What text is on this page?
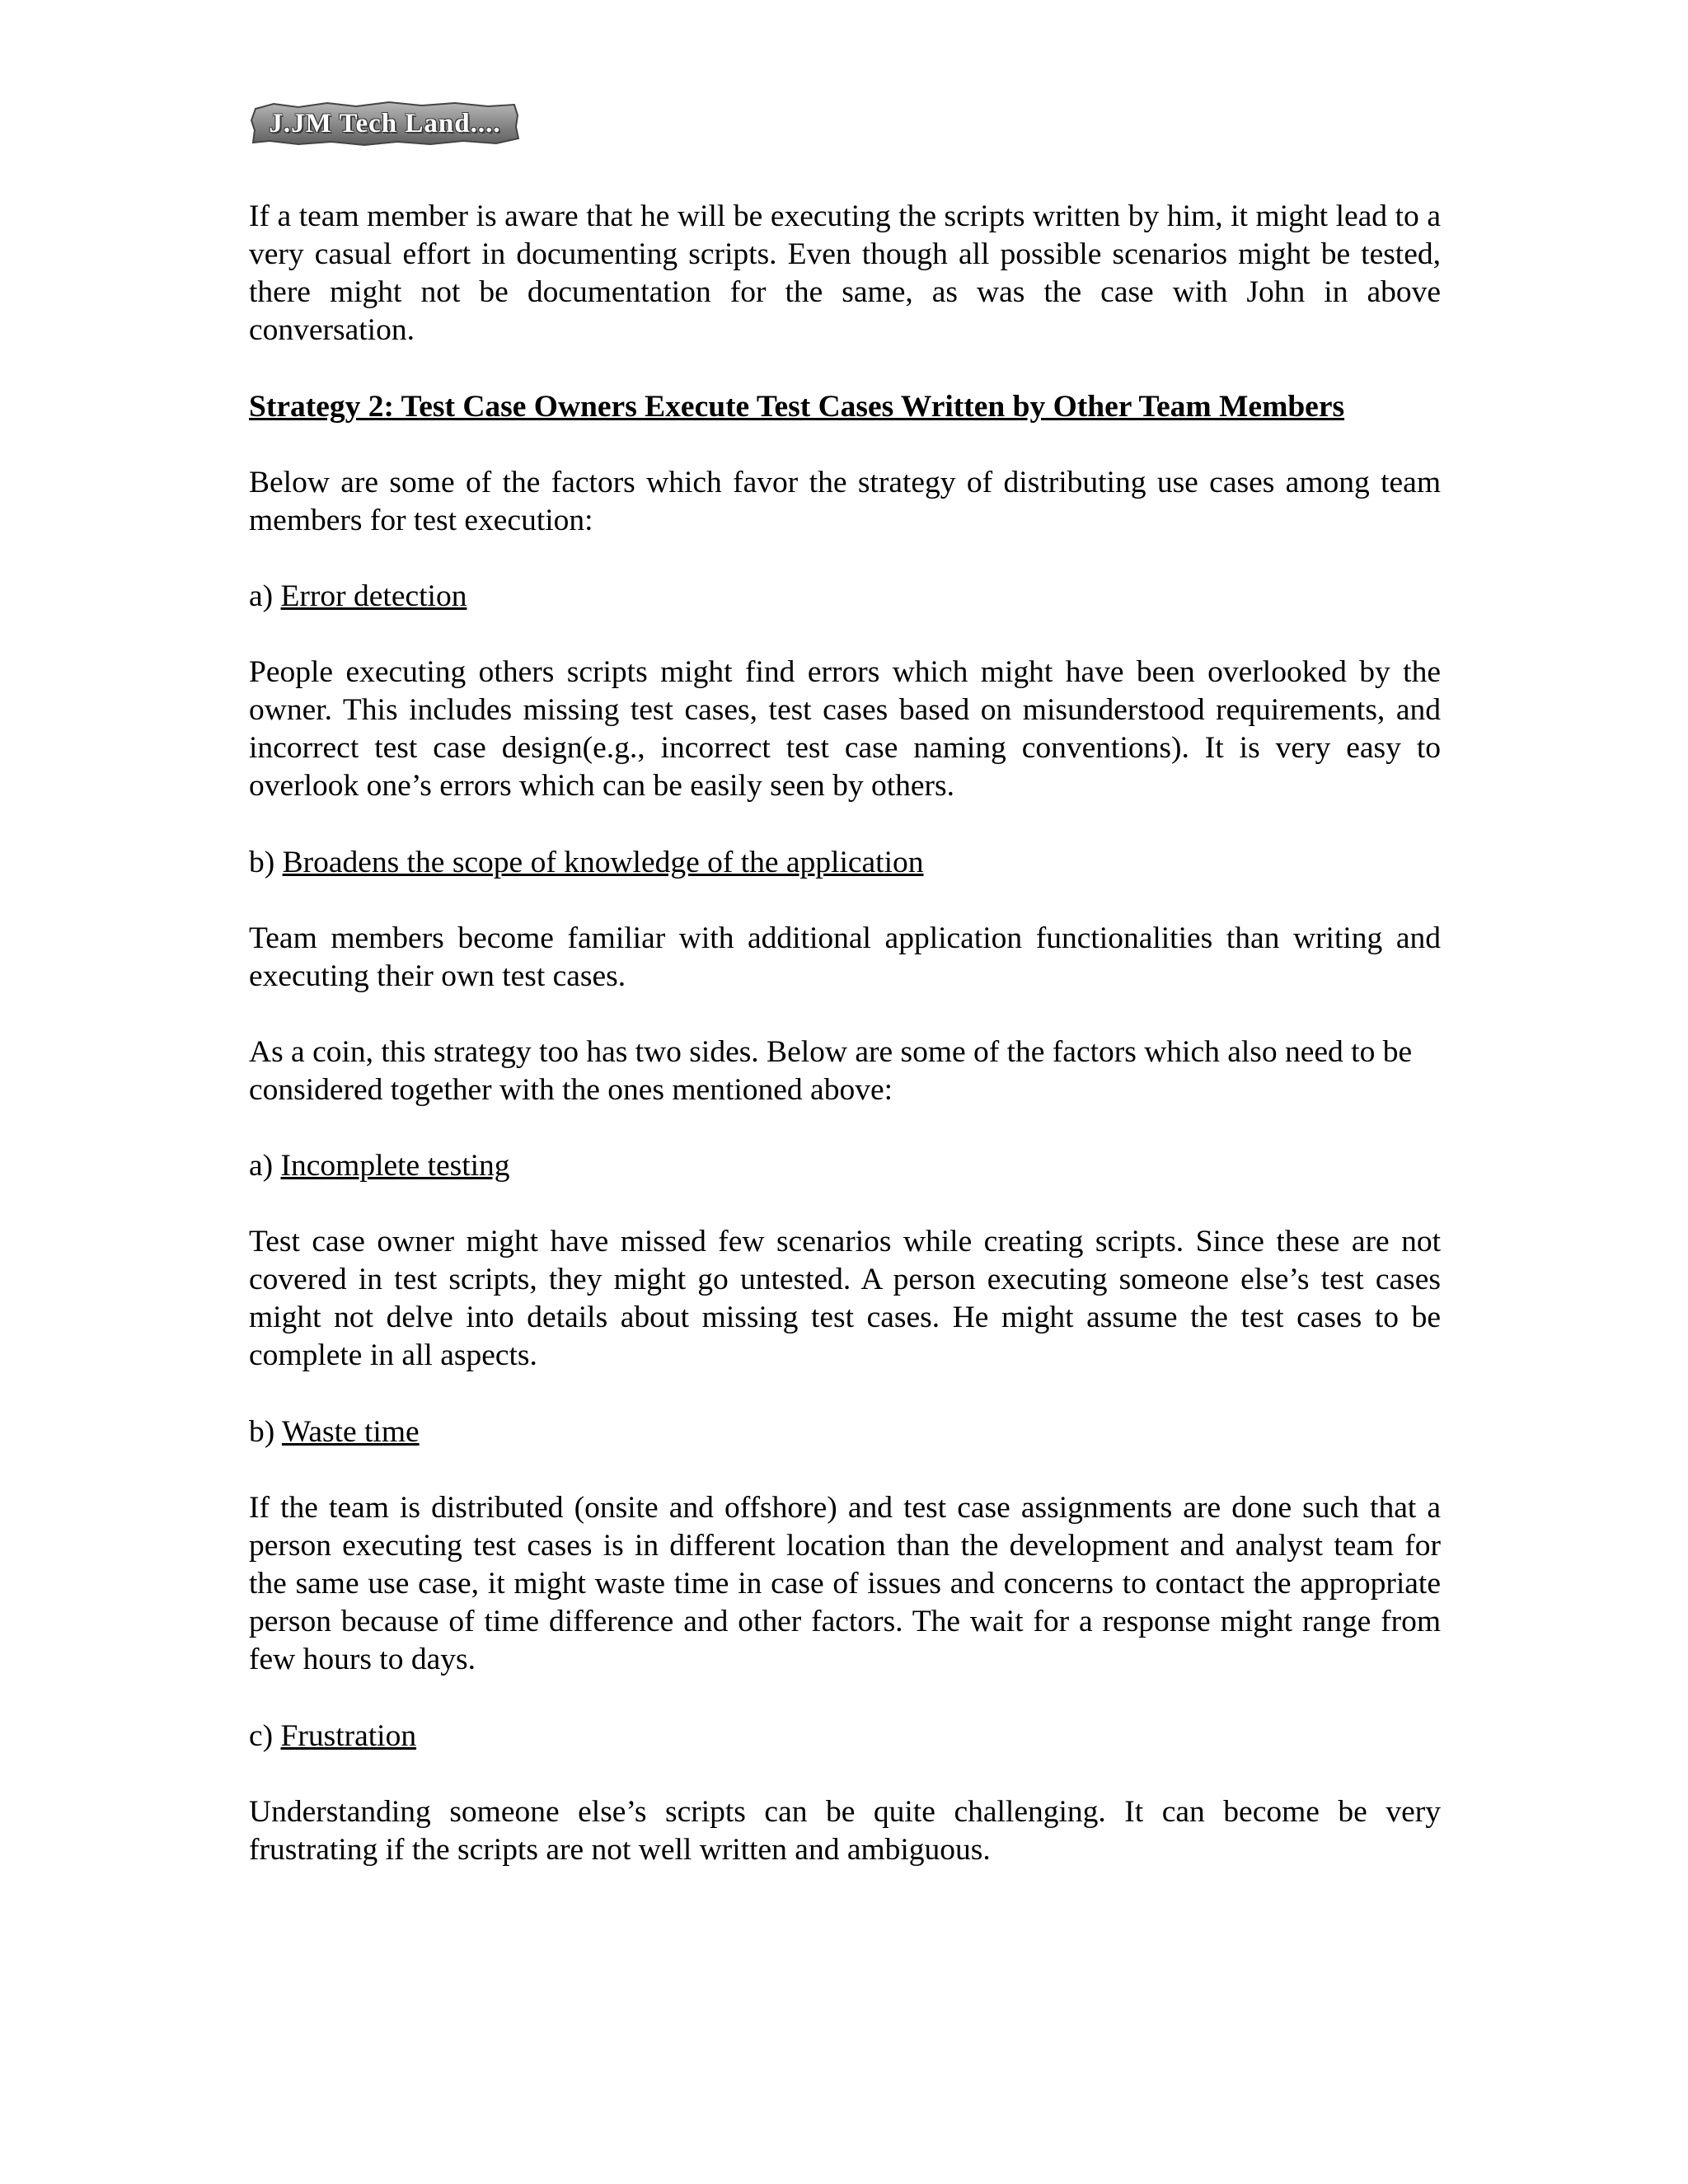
J.JM Tech Land....

If a team member is aware that he will be executing the scripts written by him, it might lead to a very casual effort in documenting scripts. Even though all possible scenarios might be tested, there might not be documentation for the same, as was the case with John in above conversation.

Strategy 2: Test Case Owners Execute Test Cases Written by Other Team Members

Below are some of the factors which favor the strategy of distributing use cases among team members for test execution:

a) Error detection

People executing others scripts might find errors which might have been overlooked by the owner. This includes missing test cases, test cases based on misunderstood requirements, and incorrect test case design(e.g., incorrect test case naming conventions). It is very easy to overlook one’s errors which can be easily seen by others.

b) Broadens the scope of knowledge of the application

Team members become familiar with additional application functionalities than writing and executing their own test cases.

As a coin, this strategy too has two sides. Below are some of the factors which also need to be considered together with the ones mentioned above:

a) Incomplete testing

Test case owner might have missed few scenarios while creating scripts. Since these are not covered in test scripts, they might go untested. A person executing someone else’s test cases might not delve into details about missing test cases. He might assume the test cases to be complete in all aspects.

b) Waste time

If the team is distributed (onsite and offshore) and test case assignments are done such that a person executing test cases is in different location than the development and analyst team for the same use case, it might waste time in case of issues and concerns to contact the appropriate person because of time difference and other factors. The wait for a response might range from few hours to days.

c) Frustration

Understanding someone else’s scripts can be quite challenging. It can become be very frustrating if the scripts are not well written and ambiguous.
